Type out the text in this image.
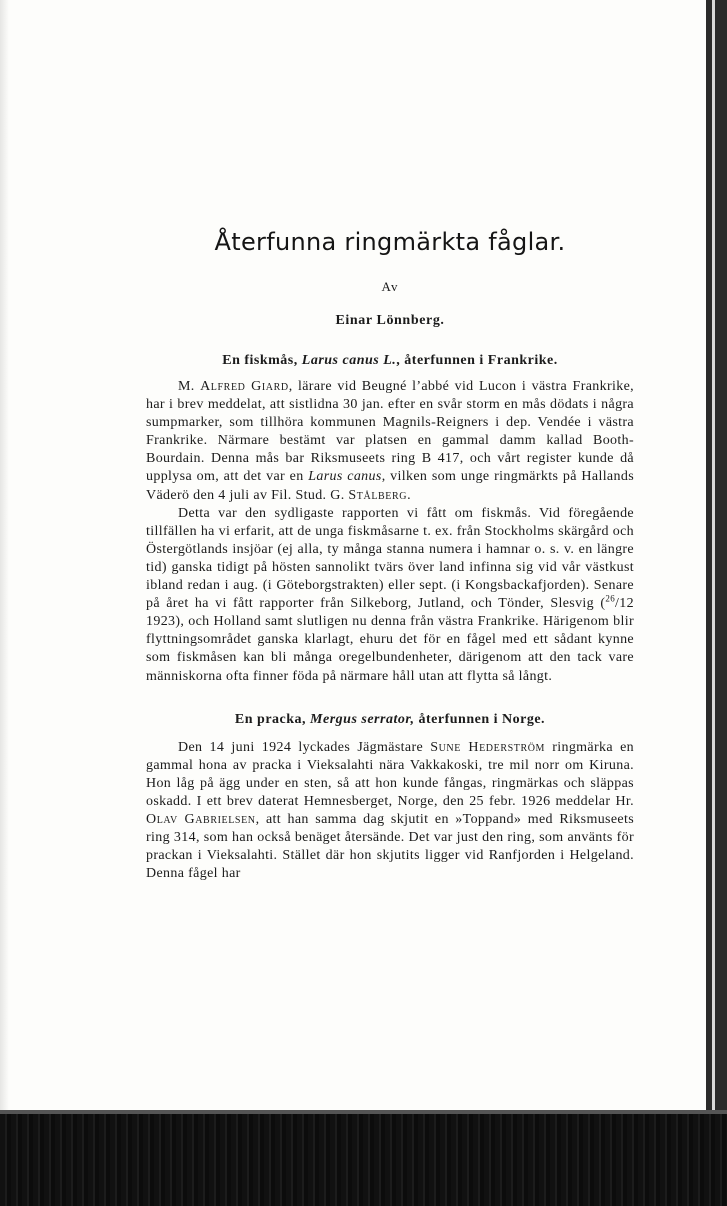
Återfunna ringmärkta fåglar.
Av
Einar Lönnberg.
En fiskmås, Larus canus L., återfunnen i Frankrike.

M. Alfred Giard, lärare vid Beugné l’abbé vid Lucon i västra Frankrike, har i brev meddelat, att sistlidna 30 jan. efter en svår storm en mås dödats i några sumpmarker, som tillhöra kommunen Magnils-Reigners i dep. Vendée i västra Frankrike. Närmare bestämt var platsen en gammal damm kallad Booth-Bourdain. Denna mås bar Riksmuseets ring B 417, och vårt register kunde då upplysa om, att det var en Larus canus, vilken som unge ringmärkts på Hallands Väderö den 4 juli av Fil. Stud. G. Stålberg.

Detta var den sydligaste rapporten vi fått om fiskmås. Vid föregående tillfällen ha vi erfarit, att de unga fiskmåsarne t. ex. från Stockholms skärgård och Östergötlands insjöar (ej alla, ty många stanna numera i hamnar o. s. v. en längre tid) ganska tidigt på hösten sannolikt tvärs över land infinna sig vid vår västkust ibland redan i aug. (i Göteborgstrakten) eller sept. (i Kongsbackafjorden). Senare på året ha vi fått rapporter från Silkeborg, Jutland, och Tönder, Slesvig ($^{26}$/12 1923), och Holland samt slutligen nu denna från västra Frankrike. Härigenom blir flyttningsområdet ganska klarlagt, ehuru det för en fågel med ett sådant kynne som fiskmåsen kan bli många oregelbundenheter, därigenom att den tack vare människorna ofta finner föda på närmare håll utan att flytta så långt.

En pracka, Mergus serrator, återfunnen i Norge.

Den 14 juni 1924 lyckades Jägmästare Sune Hederström ringmärka en gammal hona av pracka i Vieksalahti nära Vakkakoski, tre mil norr om Kiruna. Hon låg på ägg under en sten, så att hon kunde fångas, ringmärkas och släppas oskadd. I ett brev daterat Hemnesberget, Norge, den 25 febr. 1926 meddelar Hr. Olav Gabrielsen, att han samma dag skjutit en »Toppand» med Riksmuseets ring 314, som han också benäget återsände. Det var just den ring, som använts för prackan i Vieksalahti. Stället där hon skjutits ligger vid Ranfjorden i Helgeland. Denna fågel har
